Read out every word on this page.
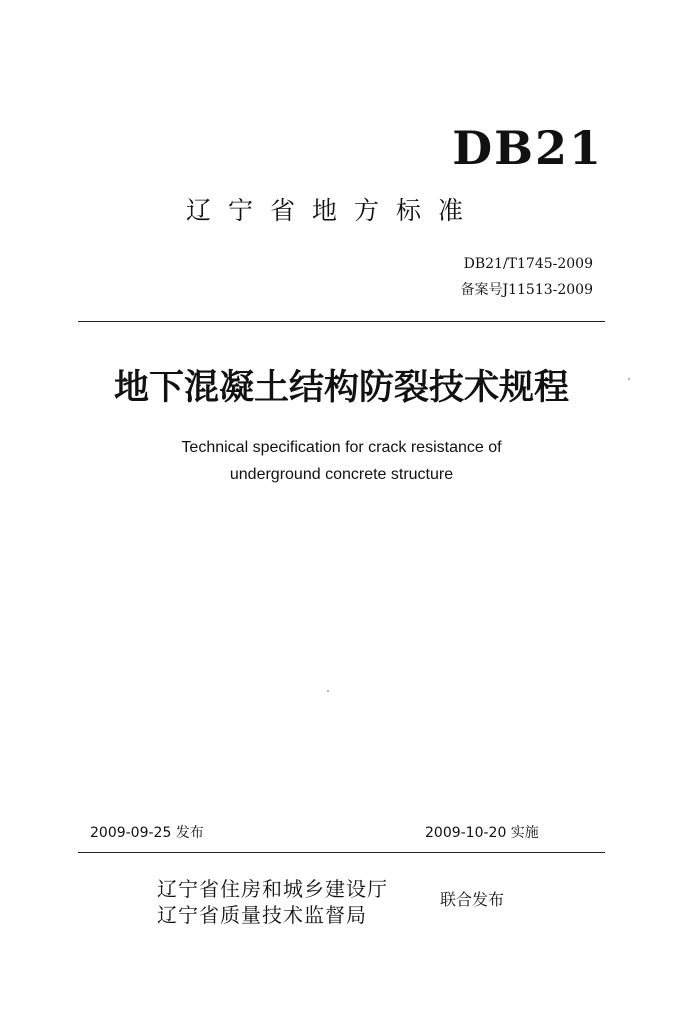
DB21
辽宁省地方标准
DB21/T1745-2009
备案号J11513-2009
地下混凝土结构防裂技术规程
Technical specification for crack resistance of
underground concrete structure
2009-09-25 发布	2009-10-20 实施
辽宁省住房和城乡建设厅
辽宁省质量技术监督局
联合发布
